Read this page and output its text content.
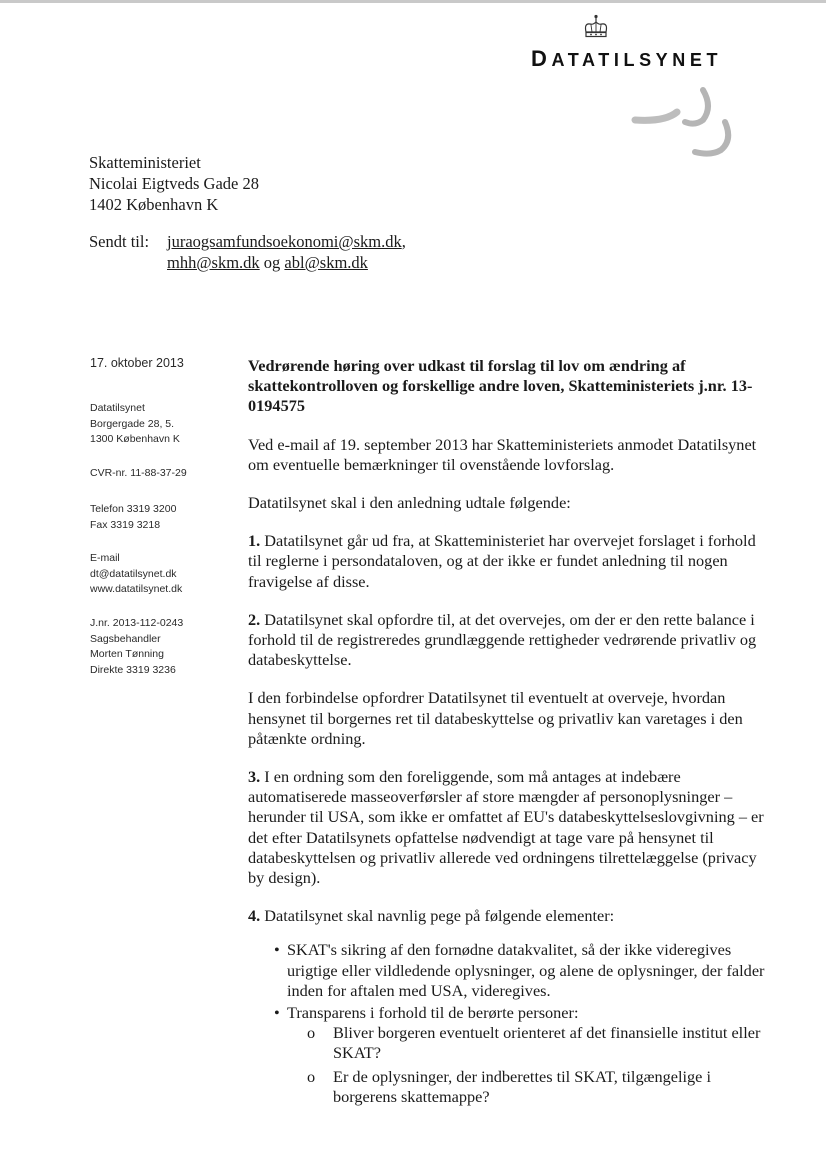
DATATILSYNET
Skatteministeriet
Nicolai Eigtveds Gade 28
1402 København K
Sendt til: juraogsamfundsoekonomi@skm.dk,
mhh@skm.dk og abl@skm.dk
17. oktober 2013
Datatilsynet
Borgergade 28, 5.
1300 København K
CVR-nr. 11-88-37-29
Telefon 3319 3200
Fax 3319 3218
E-mail
dt@datatilsynet.dk
www.datatilsynet.dk
J.nr. 2013-112-0243
Sagsbehandler
Morten Tønning
Direkte 3319 3236

Vedrørende høring over udkast til forslag til lov om ændring af skattekontrolloven og forskellige andre loven, Skatteministeriets j.nr. 13-0194575

Ved e-mail af 19. september 2013 har Skatteministeriets anmodet Datatilsynet om eventuelle bemærkninger til ovenstående lovforslag.

Datatilsynet skal i den anledning udtale følgende:

1. Datatilsynet går ud fra, at Skatteministeriet har overvejet forslaget i forhold til reglerne i persondataloven, og at der ikke er fundet anledning til nogen fravigelse af disse.

2. Datatilsynet skal opfordre til, at det overvejes, om der er den rette balance i forhold til de registreredes grundlæggende rettigheder vedrørende privatliv og databeskyttelse.

I den forbindelse opfordrer Datatilsynet til eventuelt at overveje, hvordan hensynet til borgernes ret til databeskyttelse og privatliv kan varetages i den påtænkte ordning.

3. I en ordning som den foreliggende, som må antages at indebære automatiserede masseoverførsler af store mængder af personoplysninger – herunder til USA, som ikke er omfattet af EU's databeskyttelseslovgivning – er det efter Datatilsynets opfattelse nødvendigt at tage vare på hensynet til databeskyttelsen og privatliv allerede ved ordningens tilrettelæggelse (privacy by design).

4. Datatilsynet skal navnlig pege på følgende elementer:

• SKAT's sikring af den fornødne datakvalitet, så der ikke videregives urigtige eller vildledende oplysninger, og alene de oplysninger, der falder inden for aftalen med USA, videregives.
• Transparens i forhold til de berørte personer:
o Bliver borgeren eventuelt orienteret af det finansielle institut eller SKAT?
o Er de oplysninger, der indberettes til SKAT, tilgængelige i borgerens skattemappe?
